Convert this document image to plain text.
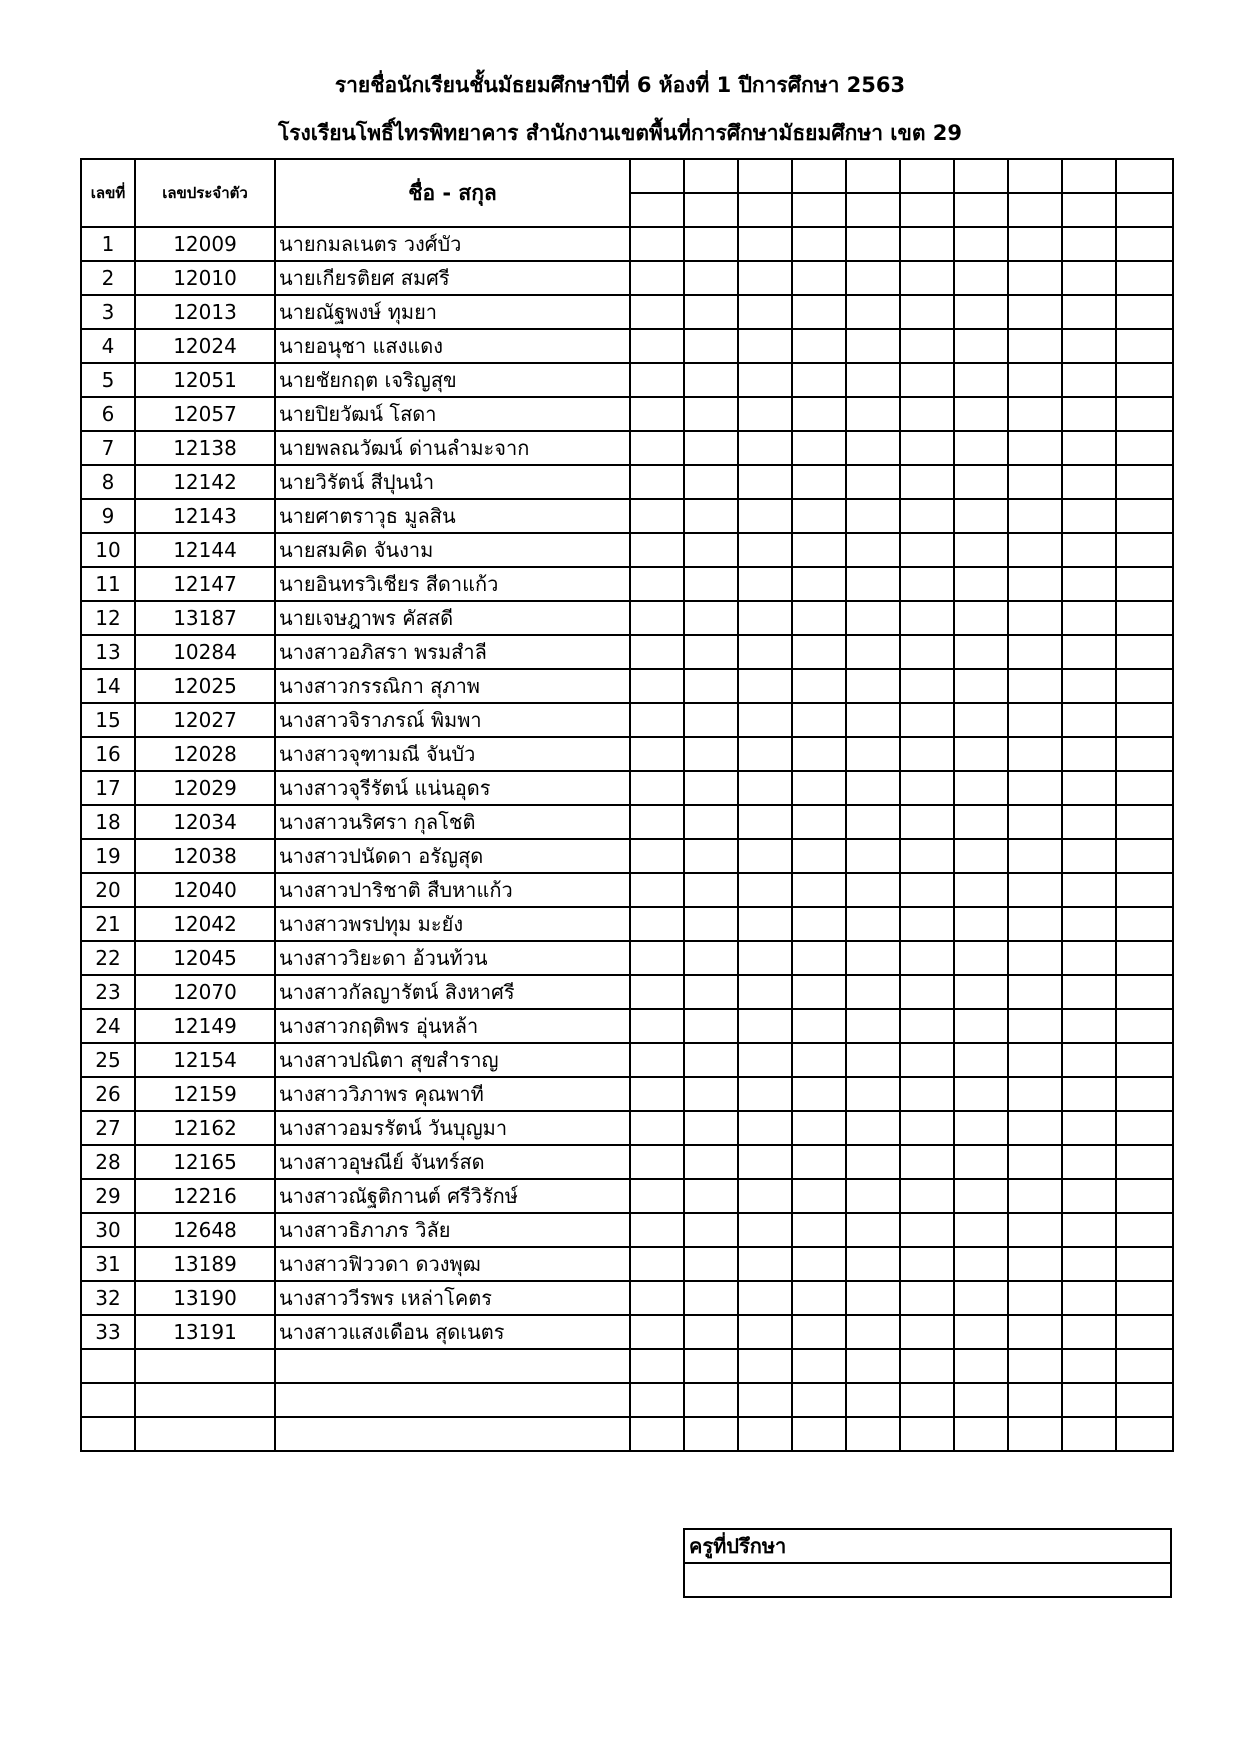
รายชื่อนักเรียนชั้นมัธยมศึกษาปีที่ 6 ห้องที่ 1 ปีการศึกษา 2563
โรงเรียนโพธิ์ไทรพิทยาคาร สำนักงานเขตพื้นที่การศึกษามัธยมศึกษา เขต 29
เลขที่	เลขประจำตัว	ชื่อ - สกุล										

1	12009	นายกมลเนตร วงศ์บัว										
2	12010	นายเกียรติยศ สมศรี										
3	12013	นายณัฐพงษ์ ทุมยา										
4	12024	นายอนุชา แสงแดง										
5	12051	นายชัยกฤต เจริญสุข										
6	12057	นายปิยวัฒน์ โสดา										
7	12138	นายพลณวัฒน์ ด่านลำมะจาก										
8	12142	นายวิรัตน์ สีปุนนำ										
9	12143	นายศาตราวุธ มูลสิน										
10	12144	นายสมคิด จันงาม										
11	12147	นายอินทรวิเชียร สีดาแก้ว										
12	13187	นายเจษฎาพร คัสสดี										
13	10284	นางสาวอภิสรา พรมสำลี										
14	12025	นางสาวกรรณิกา สุภาพ										
15	12027	นางสาวจิราภรณ์ พิมพา										
16	12028	นางสาวจุฑามณี จันบัว										
17	12029	นางสาวจุรีรัตน์ แน่นอุดร										
18	12034	นางสาวนริศรา กุลโชติ										
19	12038	นางสาวปนัดดา อรัญสุด										
20	12040	นางสาวปาริชาติ สืบหาแก้ว										
21	12042	นางสาวพรปทุม มะยัง										
22	12045	นางสาววิยะดา อ้วนท้วน										
23	12070	นางสาวกัลญารัตน์ สิงหาศรี										
24	12149	นางสาวกฤติพร อุ่นหล้า										
25	12154	นางสาวปณิตา สุขสำราญ										
26	12159	นางสาววิภาพร คุณพาที										
27	12162	นางสาวอมรรัตน์ วันบุญมา										
28	12165	นางสาวอุษณีย์ จันทร์สด										
29	12216	นางสาวณัฐติกานต์ ศรีวิรักษ์										
30	12648	นางสาวธิภาภร วิลัย										
31	13189	นางสาวฟิววดา ดวงพุฒ										
32	13190	นางสาววีรพร เหล่าโคตร										
33	13191	นางสาวแสงเดือน สุดเนตร										

ครูที่ปรึกษา
